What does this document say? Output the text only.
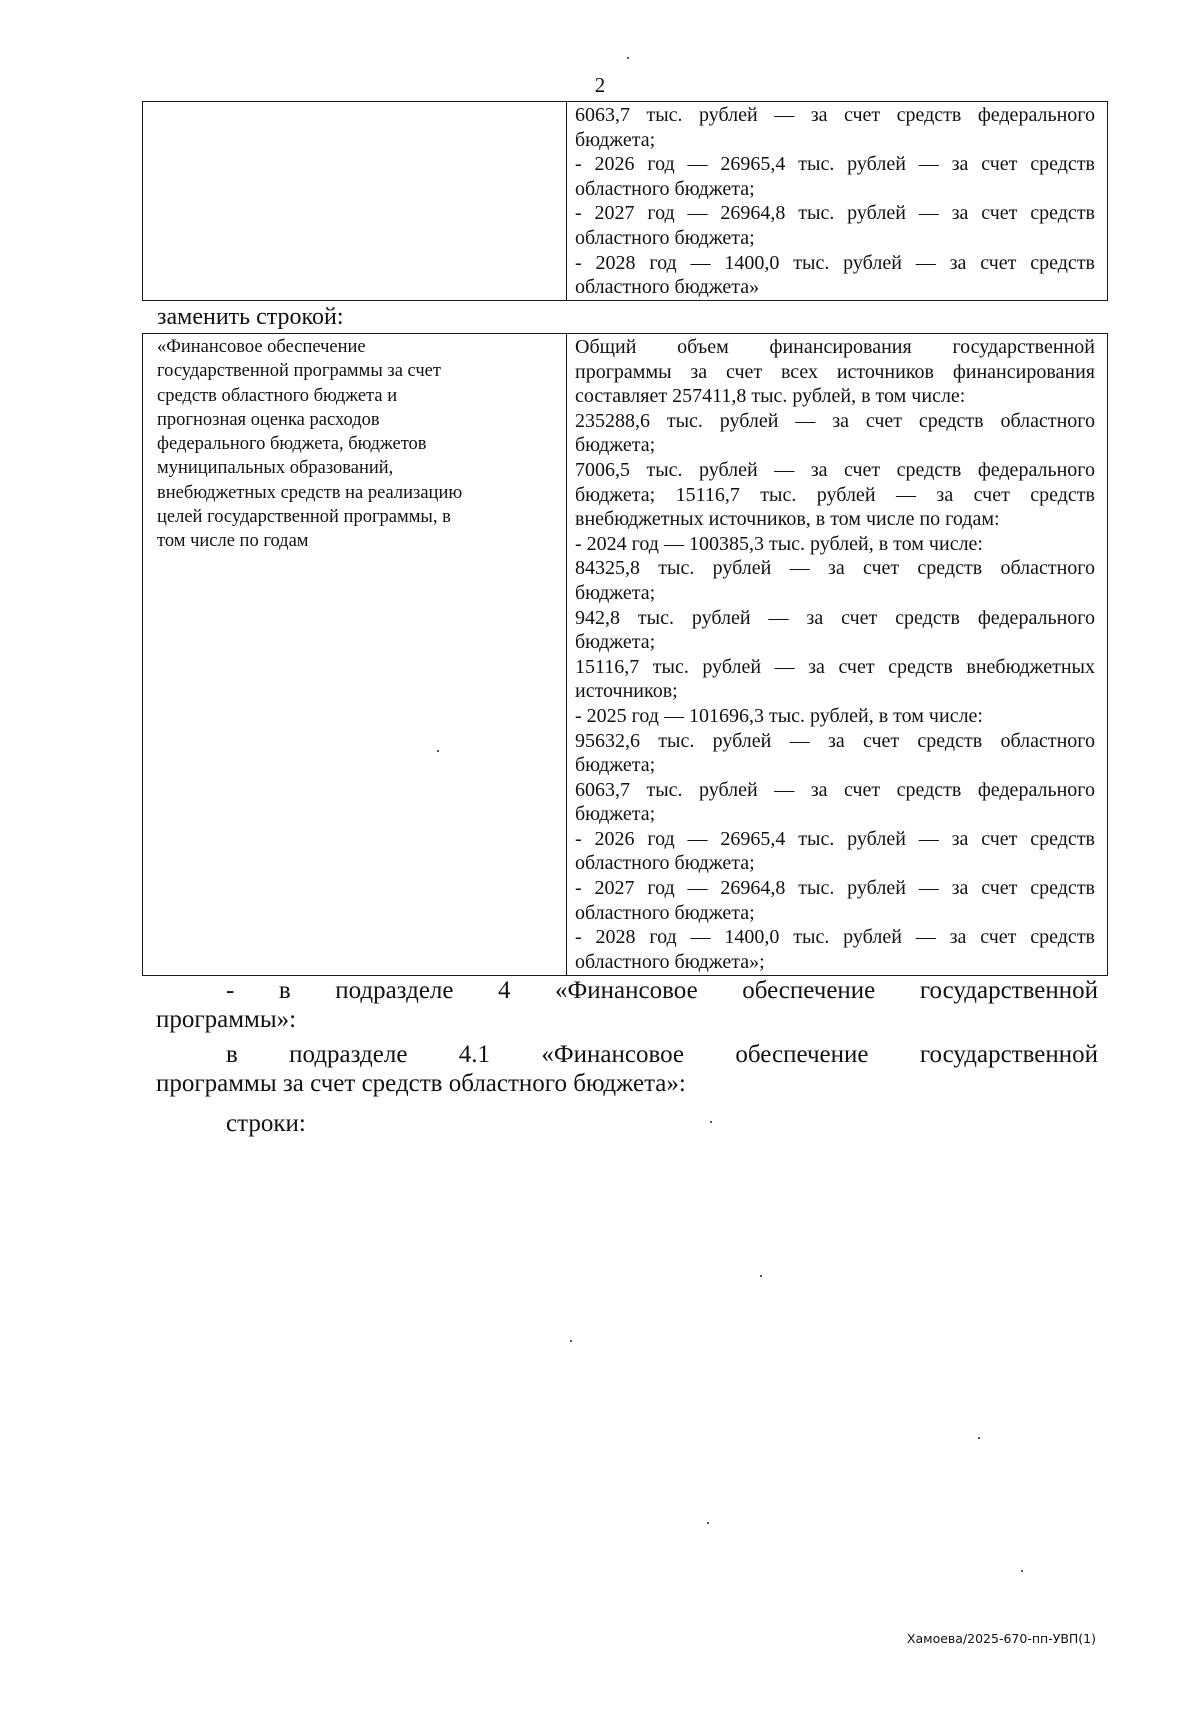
2

6063,7 тыс. рублей — за счет средств федерального
бюджета;
- 2026 год — 26965,4 тыс. рублей — за счет средств
областного бюджета;
- 2027 год — 26964,8 тыс. рублей — за счет средств
областного бюджета;
- 2028 год — 1400,0 тыс. рублей — за счет средств
областного бюджета»
заменить строкой:
«Финансовое обеспечение
государственной программы за счет
средств областного бюджета и
прогнозная оценка расходов
федерального бюджета, бюджетов
муниципальных образований,
внебюджетных средств на реализацию
целей государственной программы, в
том числе по годам

Общий объем финансирования государственной
программы за счет всех источников финансирования
составляет 257411,8 тыс. рублей, в том числе:
235288,6 тыс. рублей — за счет средств областного
бюджета;
7006,5 тыс. рублей — за счет средств федерального
бюджета; 15116,7 тыс. рублей — за счет средств
внебюджетных источников, в том числе по годам:
- 2024 год — 100385,3 тыс. рублей, в том числе:
84325,8 тыс. рублей — за счет средств областного
бюджета;
942,8 тыс. рублей — за счет средств федерального
бюджета;
15116,7 тыс. рублей — за счет средств внебюджетных
источников;
- 2025 год — 101696,3 тыс. рублей, в том числе:
95632,6 тыс. рублей — за счет средств областного
бюджета;
6063,7 тыс. рублей — за счет средств федерального
бюджета;
- 2026 год — 26965,4 тыс. рублей — за счет средств
областного бюджета;
- 2027 год — 26964,8 тыс. рублей — за счет средств
областного бюджета;
- 2028 год — 1400,0 тыс. рублей — за счет средств
областного бюджета»;
- в подразделе 4 «Финансовое обеспечение государственной
программы»:
в подразделе 4.1 «Финансовое обеспечение государственной
программы за счет средств областного бюджета»:
строки:
Хамоева/2025-670-пп-УВП(1)
